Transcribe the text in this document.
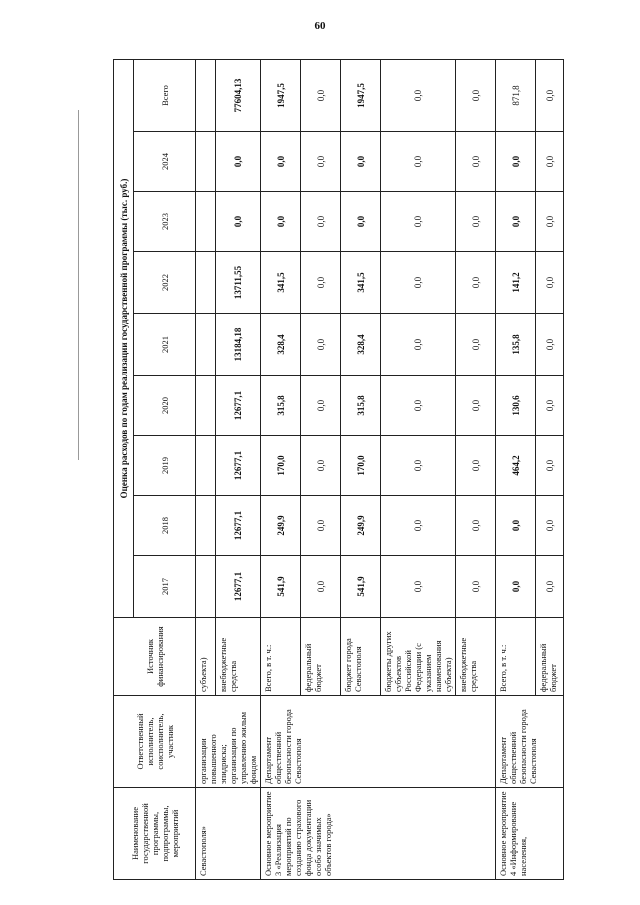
60
Наименование государственной программы, подпрограммы, мероприятий	Ответственный исполнитель, соисполнитель, участник	Источник финансирования	Оценка расходов по годам реализации государственной программы (тыс. руб.)								
			2017	2018	2019	2020	2021	2022	2023	2024	Всего
Севастополя»	организации повышенного эпидриска; организации по управлению жилым фондом	субъекта)									
		внебюджетные средства	12677,1	12677,1	12677,1	12677,1	13184,18	13711,55	0,0	0,0	77604,13
Основное мероприятие 3 «Реализация мероприятий по созданию страхового фонда документации особо значимых объектов города»	Департамент общественной безопасности города Севастополя	Всего, в т. ч.:	541,9	249,9	170,0	315,8	328,4	341,5	0,0	0,0	1947,5
		федеральный бюджет	0,0	0,0	0,0	0,0	0,0	0,0	0,0	0,0	0,0
		бюджет города Севастополя	541,9	249,9	170,0	315,8	328,4	341,5	0,0	0,0	1947,5
		бюджеты других субъектов Российской Федерации (с указанием наименования субъекта)	0,0	0,0	0,0	0,0	0,0	0,0	0,0	0,0	0,0
		внебюджетные средства	0,0	0,0	0,0	0,0	0,0	0,0	0,0	0,0	0,0
Основное мероприятие 4 «Информирование населения,	Департамент общественной безопасности города Севастополя	Всего, в т. ч.:	0,0	0,0	464,2	130,6	135,8	141,2	0,0	0,0	871,8
		федеральный бюджет	0,0	0,0	0,0	0,0	0,0	0,0	0,0	0,0	0,0
